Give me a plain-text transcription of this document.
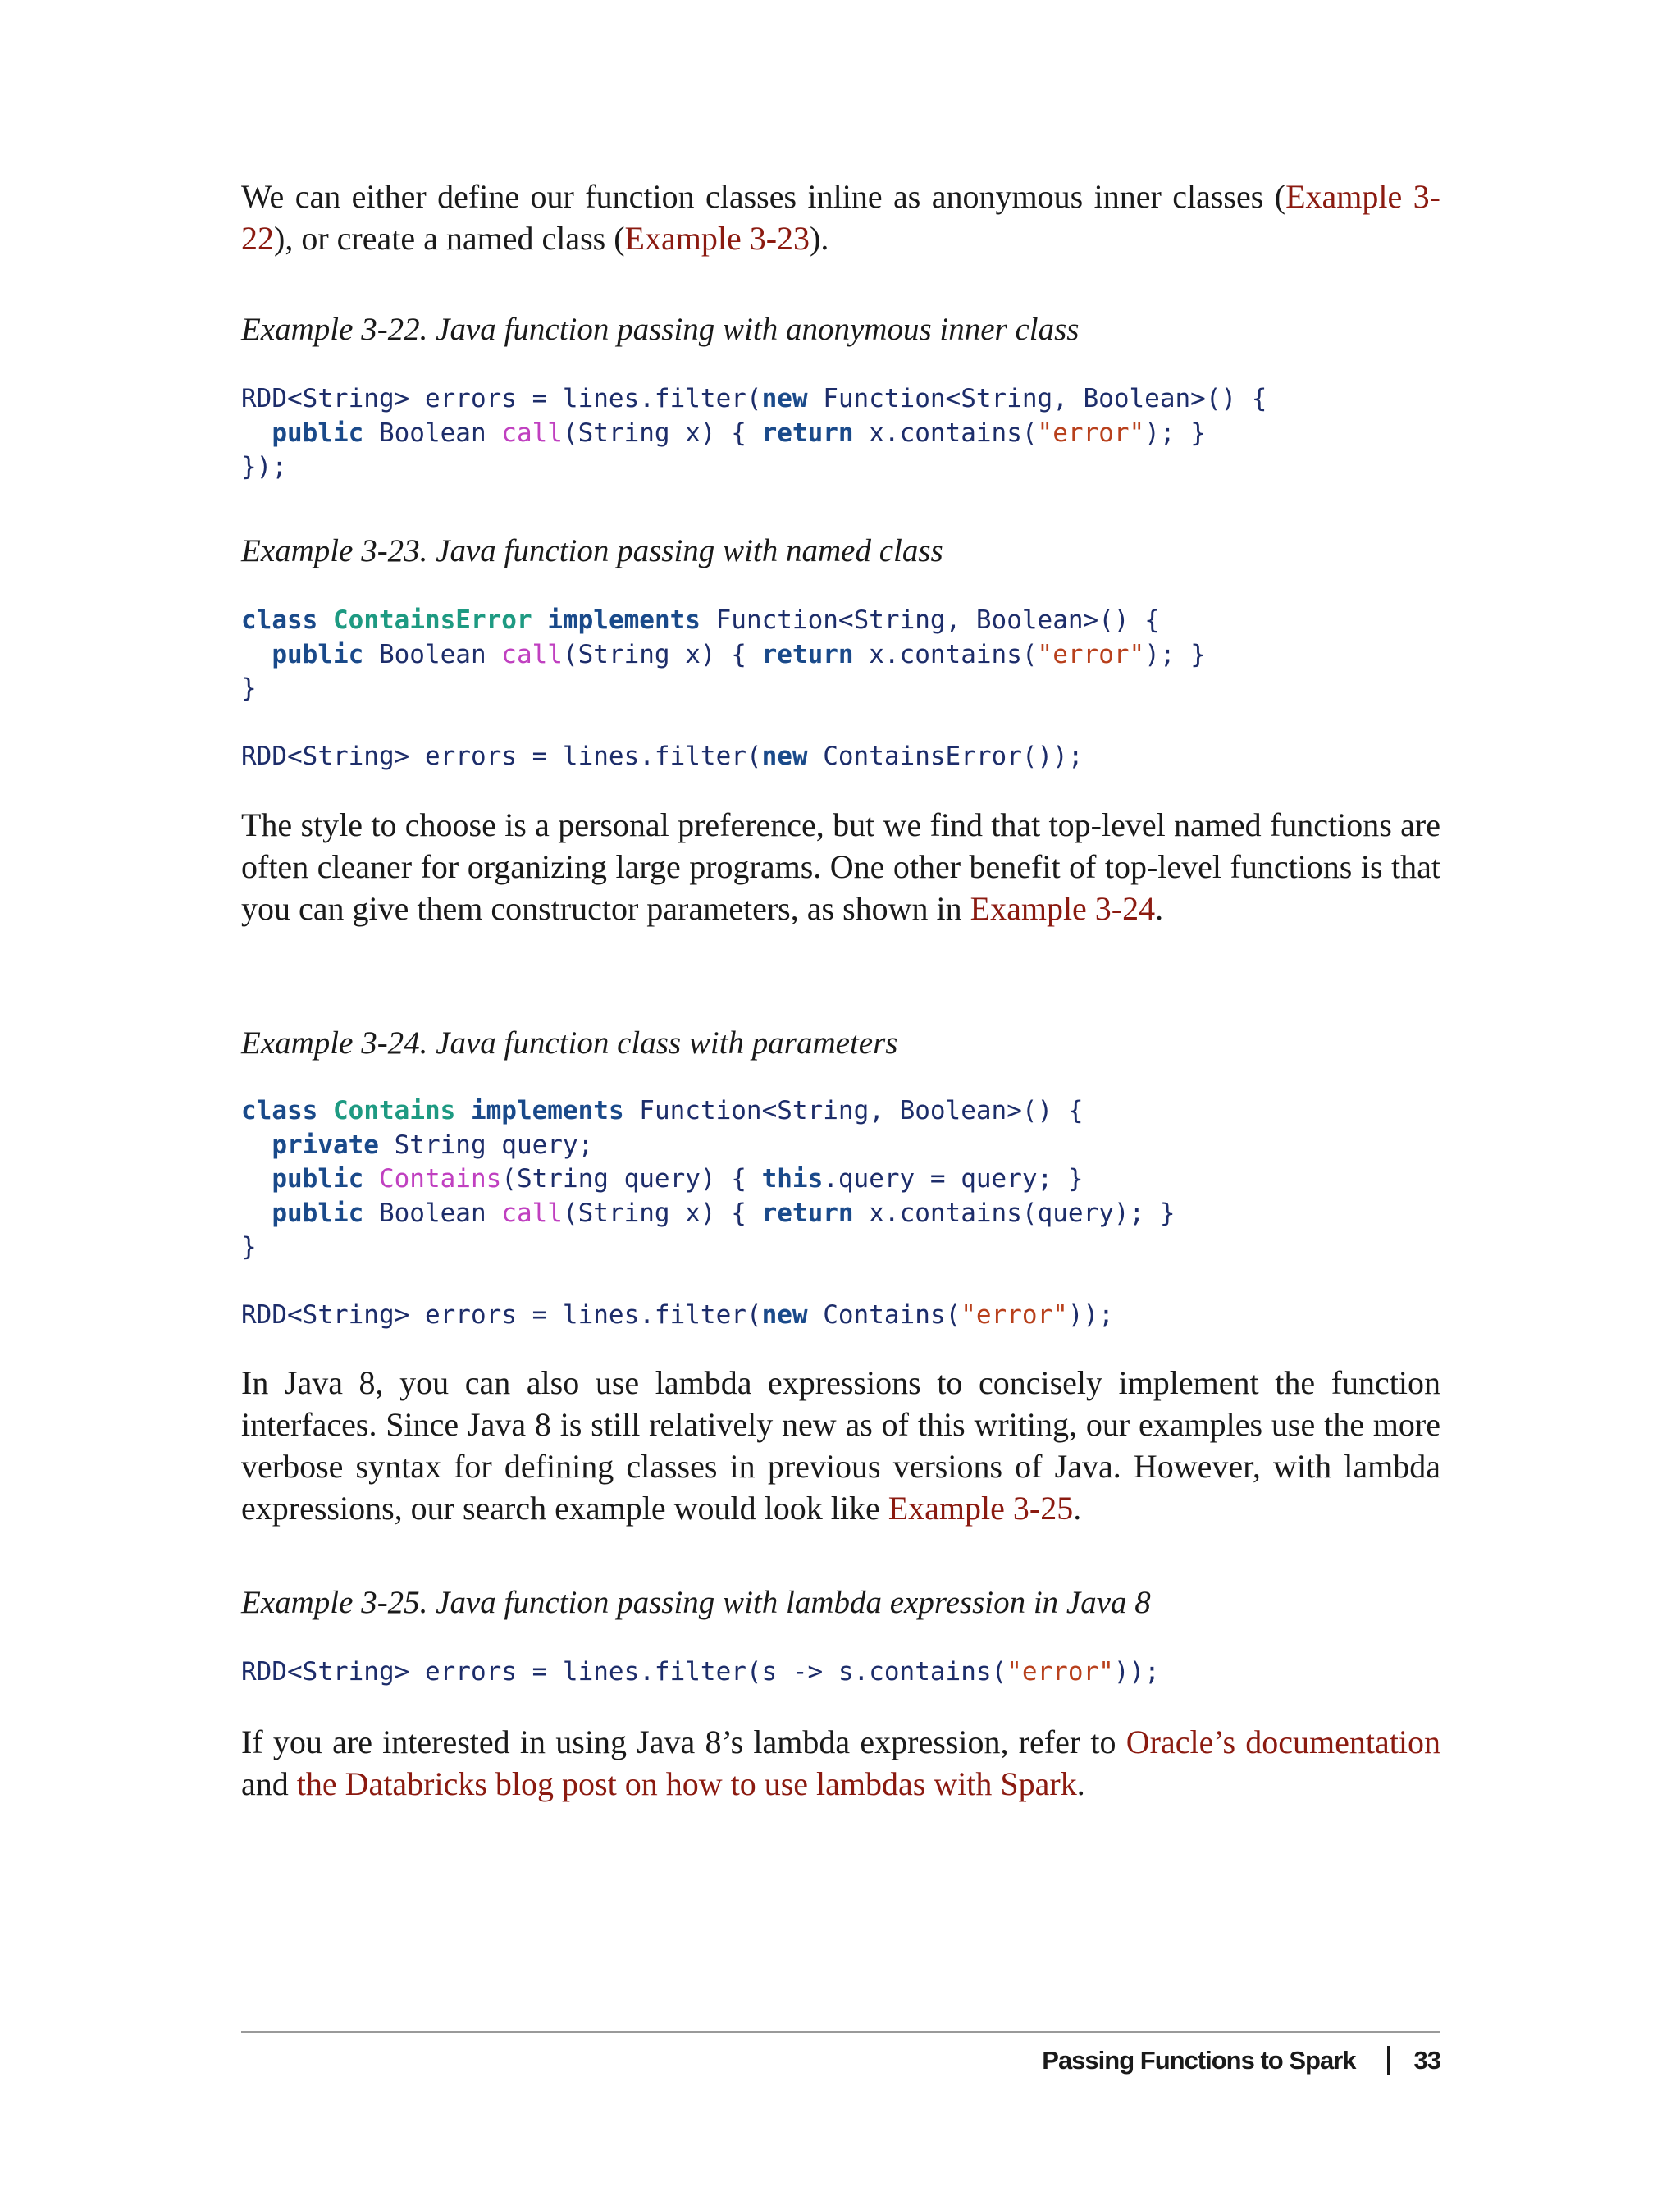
We can either define our function classes inline as anonymous inner classes (Example 3-22), or create a named class (Example 3-23).

Example 3-22. Java function passing with anonymous inner class
RDD<String> errors = lines.filter(new Function<String, Boolean>() {
public Boolean call(String x) { return x.contains("error"); }
});
Example 3-23. Java function passing with named class
class ContainsError implements Function<String, Boolean>() {
public Boolean call(String x) { return x.contains("error"); }
}

RDD<String> errors = lines.filter(new ContainsError());

The style to choose is a personal preference, but we find that top-level named functions are often cleaner for organizing large programs. One other benefit of top-level functions is that you can give them constructor parameters, as shown in Example 3-24.

Example 3-24. Java function class with parameters
class Contains implements Function<String, Boolean>() {
private String query;
public Contains(String query) { this.query = query; }
public Boolean call(String x) { return x.contains(query); }
}

RDD<String> errors = lines.filter(new Contains("error"));

In Java 8, you can also use lambda expressions to concisely implement the function interfaces. Since Java 8 is still relatively new as of this writing, our examples use the more verbose syntax for defining classes in previous versions of Java. However, with lambda expressions, our search example would look like Example 3-25.

Example 3-25. Java function passing with lambda expression in Java 8
RDD<String> errors = lines.filter(s -> s.contains("error"));

If you are interested in using Java 8’s lambda expression, refer to Oracle’s documentation and the Databricks blog post on how to use lambdas with Spark.

Passing Functions to Spark 33
